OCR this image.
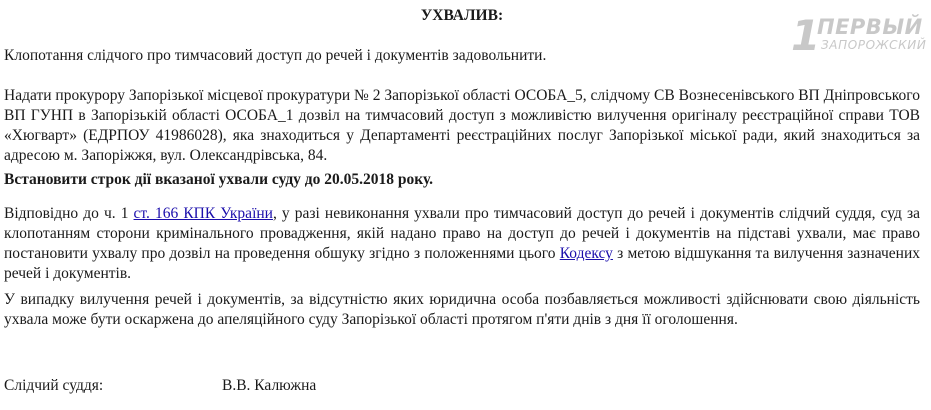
1
ПЕРВЫЙ
ЗАПОРОЖСКИЙ

УХВАЛИВ:

Клопотання слідчого про тимчасовий доступ до речей і документів задовольнити.

Надати прокурору Запорізької місцевої прокуратури № 2 Запорізької області ОСОБА_5, слідчому СВ Вознесенівського ВП Дніпровського ВП ГУНП в Запорізькій області ОСОБА_1 дозвіл на тимчасовий доступ з можливістю вилучення оригіналу реєстраційної справи ТОВ «Хюгварт» (ЕДРПОУ 41986028), яка знаходиться у Департаменті реєстраційних послуг Запорізької міської ради, який знаходиться за адресою м. Запоріжжя, вул. Олександрівська, 84.

Встановити строк дії вказаної ухвали суду до 20.05.2018 року.

Відповідно до ч. 1 ст. 166 КПК України, у разі невиконання ухвали про тимчасовий доступ до речей і документів слідчий суддя, суд за клопотанням сторони кримінального провадження, якій надано право на доступ до речей і документів на підставі ухвали, має право постановити ухвалу про дозвіл на проведення обшуку згідно з положеннями цього Кодексу з метою відшукання та вилучення зазначених речей і документів.

У випадку вилучення речей і документів, за відсутністю яких юридична особа позбавляється можливості здійснювати свою діяльність ухвала може бути оскаржена до апеляційного суду Запорізької області протягом п'яти днів з дня її оголошення.

Слідчий суддя:	В.В. Калюжна
